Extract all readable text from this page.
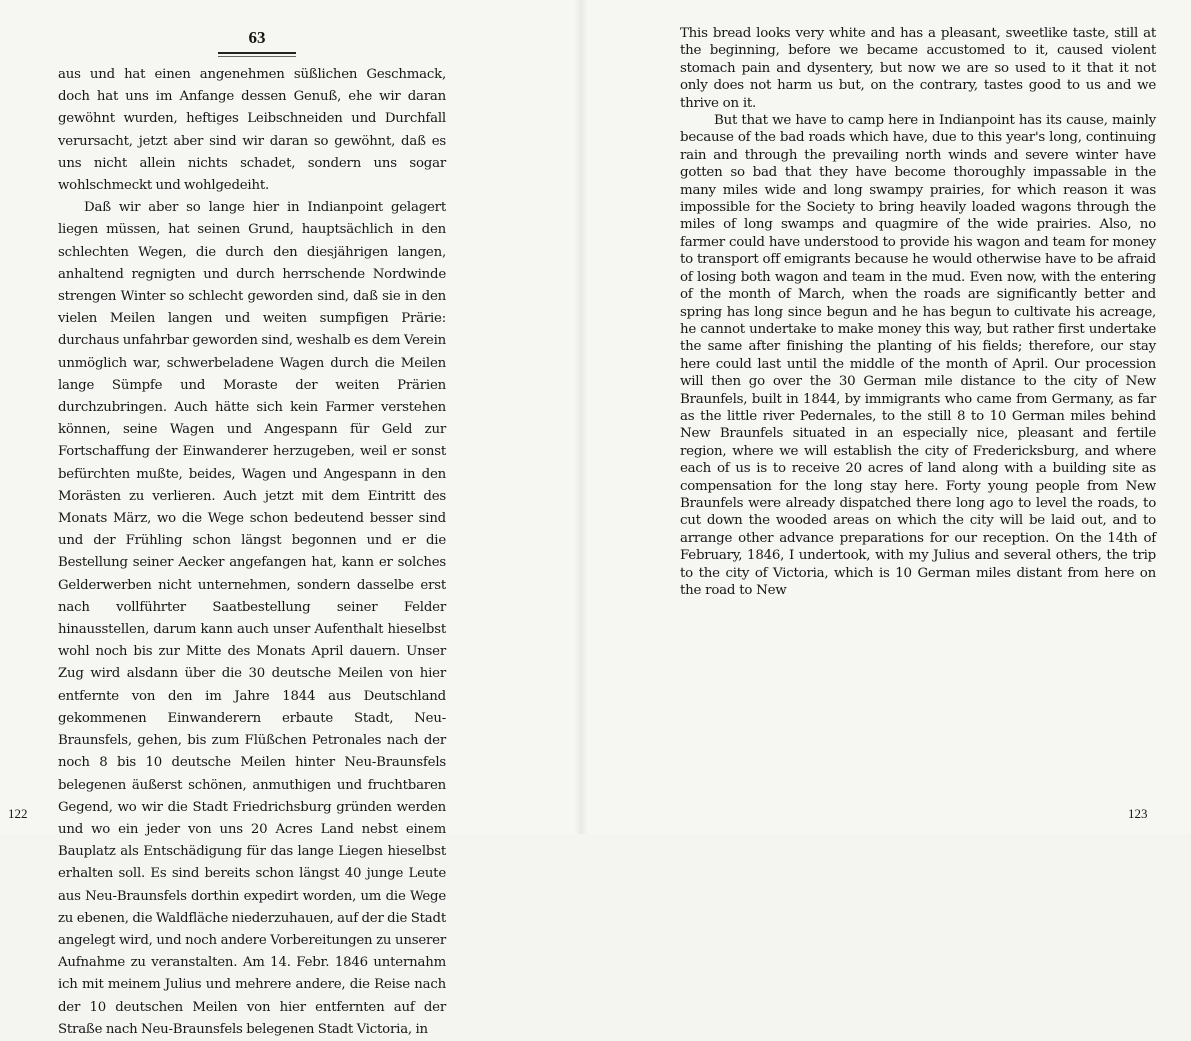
63

aus und hat einen angenehmen süßlichen Geschmack, doch hat uns im Anfange dessen Genuß, ehe wir daran gewöhnt wurden, heftiges Leibschneiden und Durchfall verursacht, jetzt aber sind wir daran so gewöhnt, daß es uns nicht allein nichts schadet, sondern uns sogar wohlschmeckt und wohlgedeiht.

Daß wir aber so lange hier in Indianpoint gelagert liegen müssen, hat seinen Grund, hauptsächlich in den schlechten Wegen, die durch den diesjährigen langen, anhaltend regnigten und durch herrschende Nordwinde strengen Winter so schlecht geworden sind, daß sie in den vielen Meilen langen und weiten sumpfigen Prärie: durchaus unfahrbar geworden sind, weshalb es dem Verein unmöglich war, schwerbeladene Wagen durch die Meilen lange Sümpfe und Moraste der weiten Prärien durchzubringen. Auch hätte sich kein Farmer verstehen können, seine Wagen und Angespann für Geld zur Fortschaffung der Einwanderer herzugeben, weil er sonst befürchten mußte, beides, Wagen und Angespann in den Morästen zu verlieren. Auch jetzt mit dem Eintritt des Monats März, wo die Wege schon bedeutend besser sind und der Frühling schon längst begonnen und er die Bestellung seiner Aecker angefangen hat, kann er solches Gelderwerben nicht unternehmen, sondern dasselbe erst nach vollführter Saatbestellung seiner Felder hinausstellen, darum kann auch unser Aufenthalt hieselbst wohl noch bis zur Mitte des Monats April dauern. Unser Zug wird alsdann über die 30 deutsche Meilen von hier entfernte von den im Jahre 1844 aus Deutschland gekommenen Einwanderern erbaute Stadt, Neu-Braunsfels, gehen, bis zum Flüßchen Petronales nach der noch 8 bis 10 deutsche Meilen hinter Neu-Braunsfels belegenen äußerst schönen, anmuthigen und fruchtbaren Gegend, wo wir die Stadt Friedrichsburg gründen werden und wo ein jeder von uns 20 Acres Land nebst einem Bauplatz als Entschädigung für das lange Liegen hieselbst erhalten soll. Es sind bereits schon längst 40 junge Leute aus Neu-Braunsfels dorthin expedirt worden, um die Wege zu ebenen, die Waldfläche niederzuhauen, auf der die Stadt angelegt wird, und noch andere Vorbereitungen zu unserer Aufnahme zu veranstalten. Am 14. Febr. 1846 unternahm ich mit meinem Julius und mehrere andere, die Reise nach der 10 deutschen Meilen von hier entfernten auf der Straße nach Neu-Braunsfels belegenen Stadt Victoria, in

This bread looks very white and has a pleasant, sweetlike taste, still at the beginning, before we became accustomed to it, caused violent stomach pain and dysentery, but now we are so used to it that it not only does not harm us but, on the contrary, tastes good to us and we thrive on it.

But that we have to camp here in Indianpoint has its cause, mainly because of the bad roads which have, due to this year's long, continuing rain and through the prevailing north winds and severe winter have gotten so bad that they have become thoroughly impassable in the many miles wide and long swampy prairies, for which reason it was impossible for the Society to bring heavily loaded wagons through the miles of long swamps and quagmire of the wide prairies. Also, no farmer could have understood to provide his wagon and team for money to transport off emigrants because he would otherwise have to be afraid of losing both wagon and team in the mud. Even now, with the entering of the month of March, when the roads are significantly better and spring has long since begun and he has begun to cultivate his acreage, he cannot undertake to make money this way, but rather first undertake the same after finishing the planting of his fields; therefore, our stay here could last until the middle of the month of April. Our procession will then go over the 30 German mile distance to the city of New Braunfels, built in 1844, by immigrants who came from Germany, as far as the little river Pedernales, to the still 8 to 10 German miles behind New Braunfels situated in an especially nice, pleasant and fertile region, where we will establish the city of Fredericksburg, and where each of us is to receive 20 acres of land along with a building site as compensation for the long stay here. Forty young people from New Braunfels were already dispatched there long ago to level the roads, to cut down the wooded areas on which the city will be laid out, and to arrange other advance preparations for our reception. On the 14th of February, 1846, I undertook, with my Julius and several others, the trip to the city of Victoria, which is 10 German miles distant from here on the road to New

122	123
